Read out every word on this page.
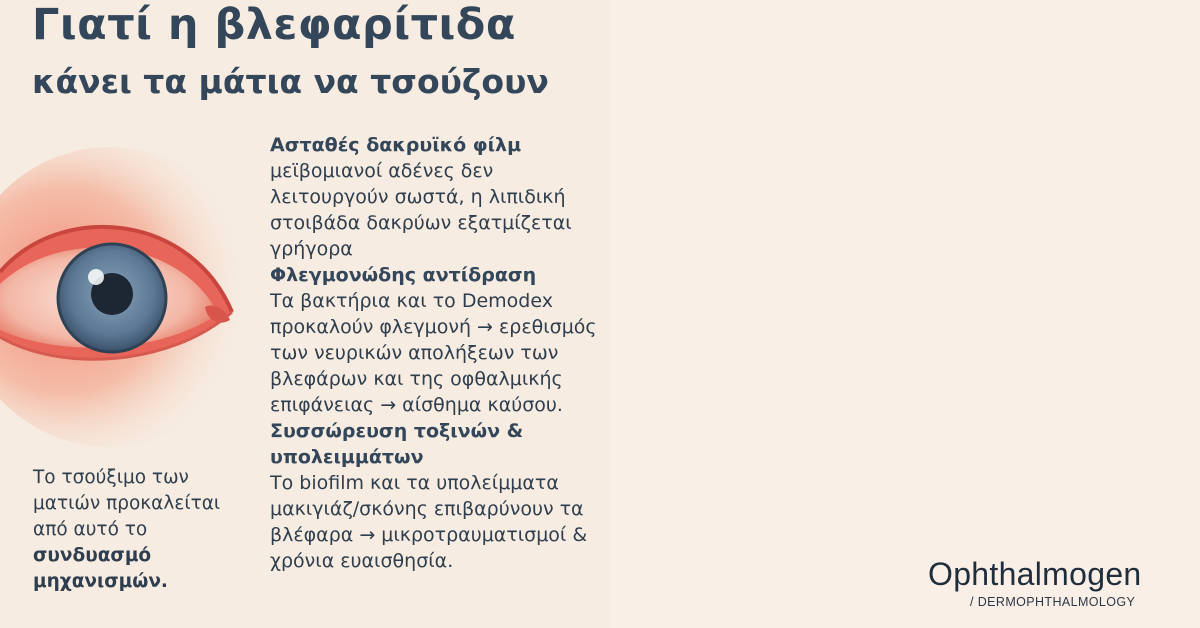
Γιατί η βλεφαρίτιδα
κάνει τα μάτια να τσούζουν
Το τσούξιμο των ματιών προκαλείται από αυτό το
συνδυασμό
μηχανισμών.
Ασταθές δακρυϊκό φίλμ
μεϊβομιανοί αδένες δεν λειτουργούν σωστά, η λιπιδική στοιβάδα δακρύων εξατμίζεται γρήγορα
Φλεγμονώδης αντίδραση
Τα βακτήρια και το Demodex προκαλούν φλεγμονή → ερεθισμός των νευρικών απολήξεων των βλεφάρων και της οφθαλμικής επιφάνειας → αίσθημα καύσου.
Συσσώρευση τοξινών & υπολειμμάτων
Το biofilm και τα υπολείμματα μακιγιάζ/σκόνης επιβαρύνουν τα βλέφαρα → μικροτραυματισμοί & χρόνια ευαισθησία.	Ophthalmogen
/ DERMOPHTHALMOLOGY
